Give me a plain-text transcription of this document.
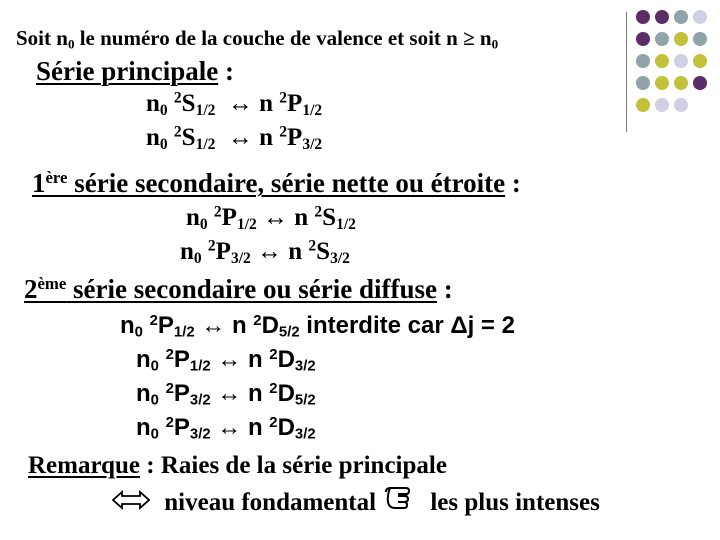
Soit $n_0$ le numéro de la couche de valence et soit $n \ge n_0$
Série principale :
$n_0$ $^2S_{1/2}$ ↔ n $^2P_{1/2}$
$n_0$ $^2S_{1/2}$ ↔ n $^2P_{3/2}$
1ère série secondaire, série nette ou étroite :
$n_0$ $^2P_{1/2}$ ↔ n $^2S_{1/2}$
$n_0$ $^2P_{3/2}$ ↔ n $^2S_{3/2}$
2ème série secondaire ou série diffuse :
$n_0$ $^2P_{1/2}$ ↔ n $^2D_{5/2}$ interdite car Δj = 2
$n_0$ $^2P_{1/2}$ ↔ n $^2D_{3/2}$
$n_0$ $^2P_{3/2}$ ↔ n $^2D_{5/2}$
$n_0$ $^2P_{3/2}$ ↔ n $^2D_{3/2}$
Remarque : Raies de la série principale
niveau fondamental les plus intenses
